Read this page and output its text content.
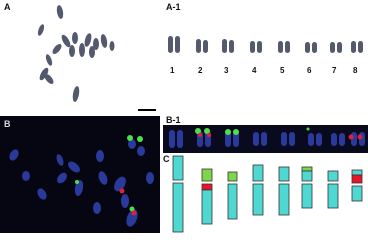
A	A-1
1	2	3	4	5	6	7 8
B	B-1
C
